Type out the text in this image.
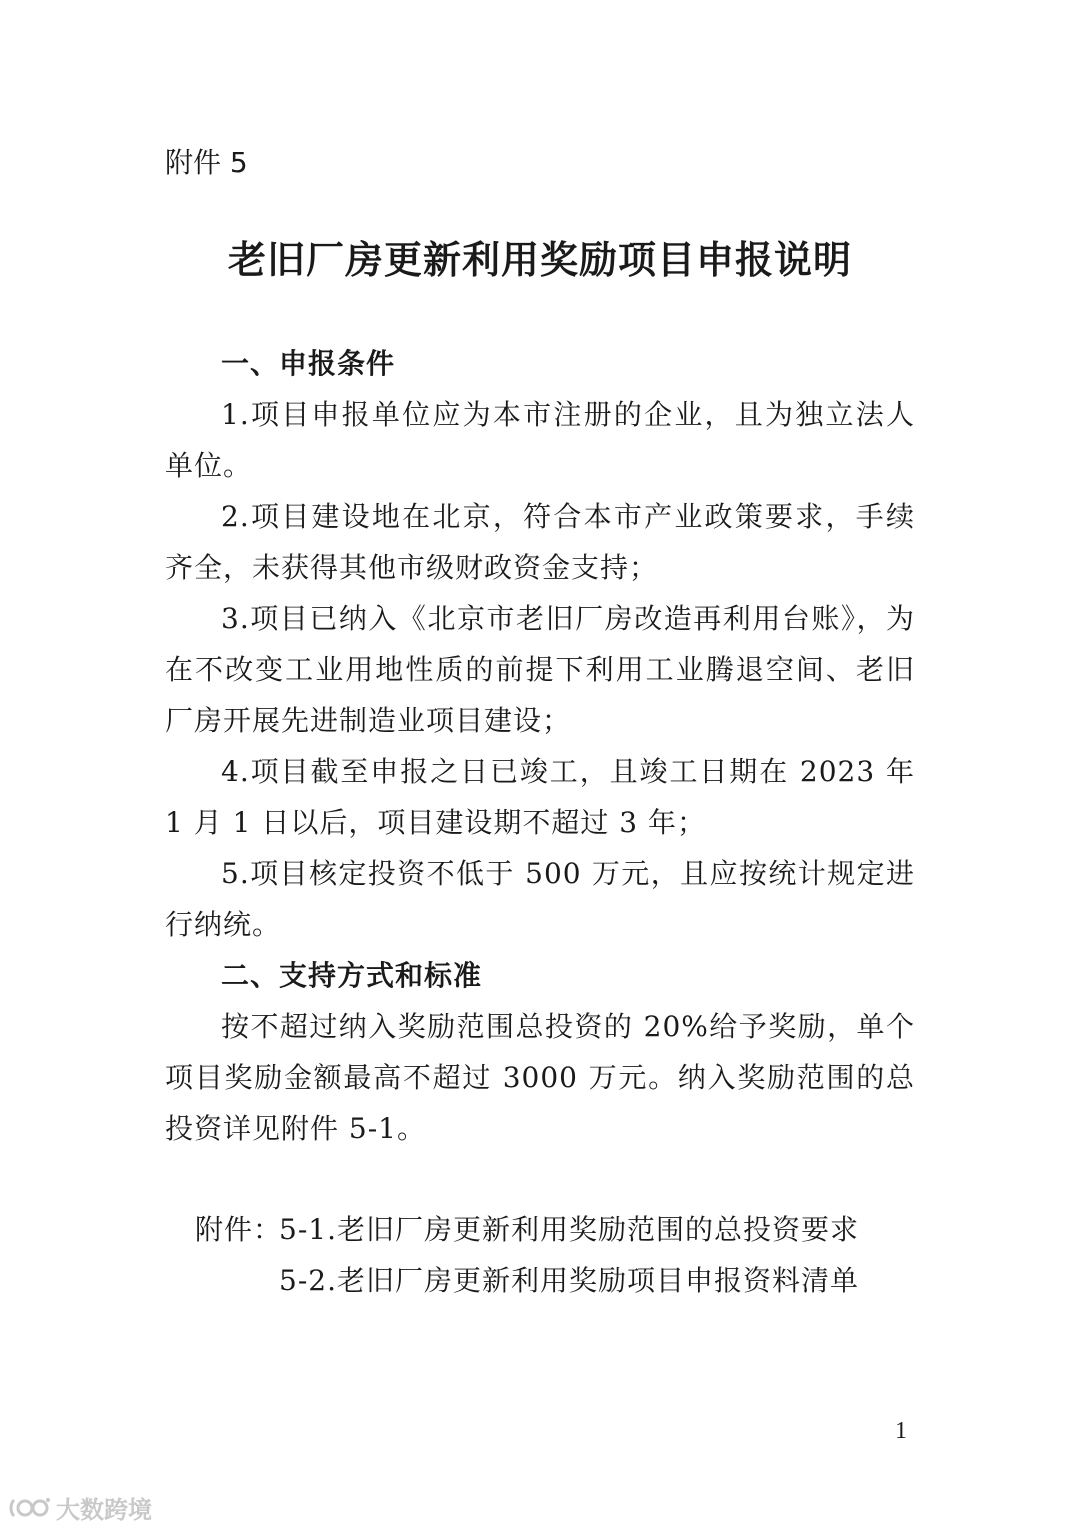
附件 5
老旧厂房更新利用奖励项目申报说明

一、申报条件

1.项目申报单位应为本市注册的企业，且为独立法人单位。

2.项目建设地在北京，符合本市产业政策要求，手续齐全，未获得其他市级财政资金支持；

3.项目已纳入《北京市老旧厂房改造再利用台账》，为在不改变工业用地性质的前提下利用工业腾退空间、老旧厂房开展先进制造业项目建设；

4.项目截至申报之日已竣工，且竣工日期在 2023 年 1 月 1 日以后，项目建设期不超过 3 年；

5.项目核定投资不低于 500 万元，且应按统计规定进行纳统。

二、支持方式和标准

按不超过纳入奖励范围总投资的 20%给予奖励，单个项目奖励金额最高不超过 3000 万元。纳入奖励范围的总投资详见附件 5-1。

附件：
5-1.老旧厂房更新利用奖励范围的总投资要求
5-2.老旧厂房更新利用奖励项目申报资料清单
1
大数跨境
